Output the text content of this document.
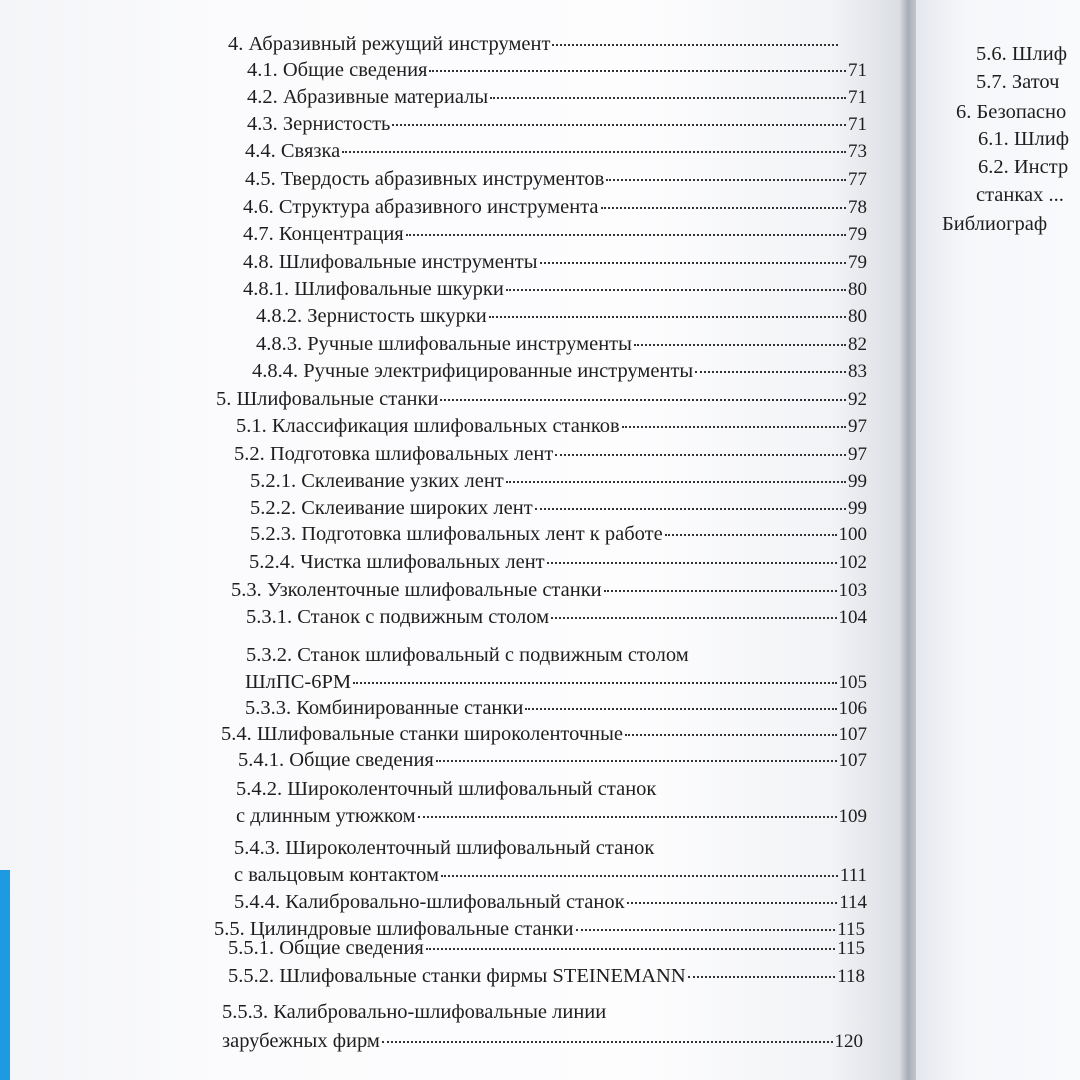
5.6. Шлиф
5.7. Заточ
6. Безопасно
6.1. Шлиф
6.2. Инстр
станках ...
Библиограф
4. Абразивный режущий инструмент
4.1. Общие сведения	71
4.2. Абразивные материалы	71
4.3. Зернистость	71
4.4. Связка	73
4.5. Твердость абразивных инструментов	77
4.6. Структура абразивного инструмента	78
4.7. Концентрация	79
4.8. Шлифовальные инструменты	79
4.8.1. Шлифовальные шкурки	80
4.8.2. Зернистость шкурки	80
4.8.3. Ручные шлифовальные инструменты	82
4.8.4. Ручные электрифицированные инструменты	83
5. Шлифовальные станки	92
5.1. Классификация шлифовальных станков	97
5.2. Подготовка шлифовальных лент	97
5.2.1. Склеивание узких лент	99
5.2.2. Склеивание широких лент	99
5.2.3. Подготовка шлифовальных лент к работе	100
5.2.4. Чистка шлифовальных лент	102
5.3. Узколенточные шлифовальные станки	103
5.3.1. Станок с подвижным столом	104
5.3.2. Станок шлифовальный с подвижным столом
ШлПС-6РМ	105
5.3.3. Комбинированные станки	106
5.4. Шлифовальные станки широколенточные	107
5.4.1. Общие сведения	107
5.4.2. Широколенточный шлифовальный станок
с длинным утюжком	109
5.4.3. Широколенточный шлифовальный станок
с вальцовым контактом	111
5.4.4. Калибровально-шлифовальный станок	114
5.5. Цилиндровые шлифовальные станки	115
5.5.1. Общие сведения	115
5.5.2. Шлифовальные станки фирмы STEINEMANN	118
5.5.3. Калибровально-шлифовальные линии
зарубежных фирм	120
